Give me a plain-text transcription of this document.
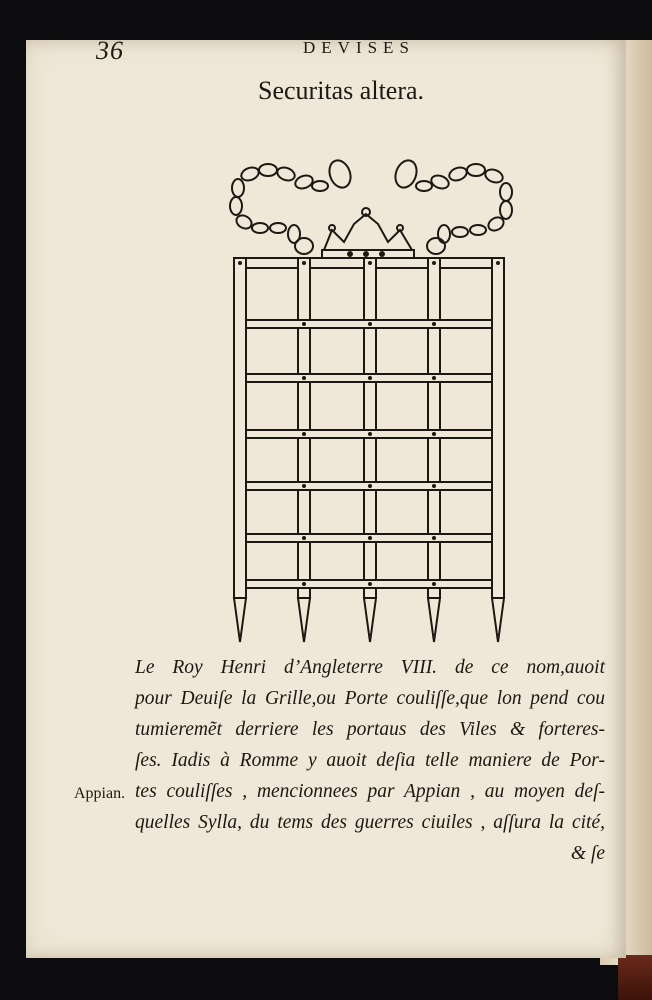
36	DEVISES
Securitas altera.

Le Roy Henri d’Angleterre VIII. de ce nom,auoit
pour Deuiſe la Grille,ou Porte couliſſe,que lon pend cou
tumieremẽt derriere les portaus des Viles & forteres-
ſes. Iadis à Romme y auoit deſia telle maniere de Por-
tes couliſſes , mencionnees par Appian , au moyen deſ-
quelles Sylla, du tems des guerres ciuiles , aſſura la cité,
& ſe

Appian.
